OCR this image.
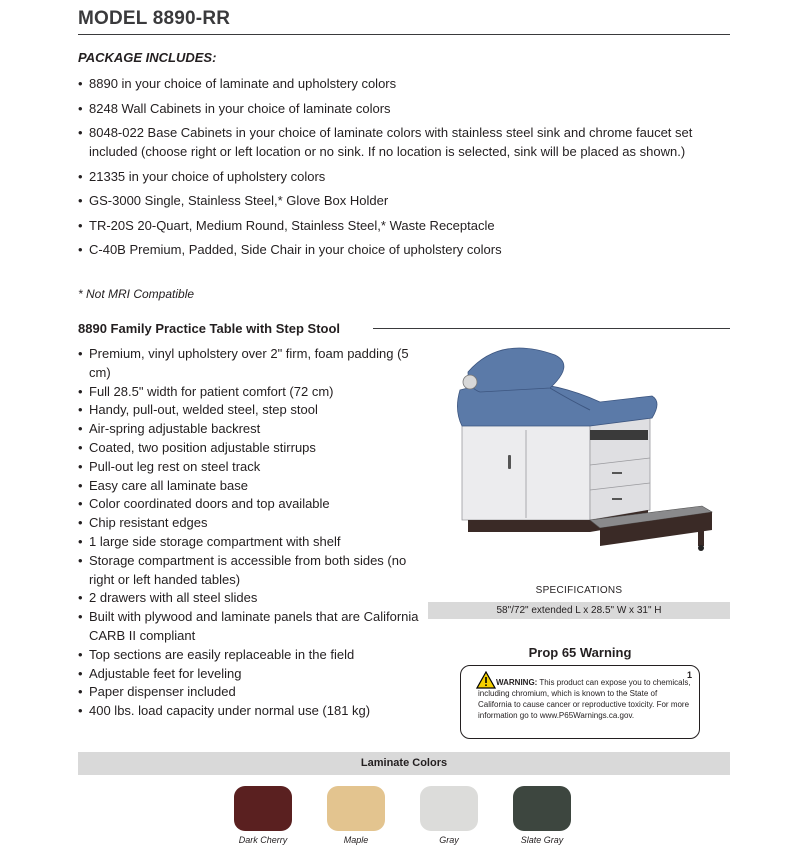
MODEL 8890-RR
PACKAGE INCLUDES:
• 8890 in your choice of laminate and upholstery colors
• 8248 Wall Cabinets in your choice of laminate colors
• 8048-022 Base Cabinets in your choice of laminate colors with stainless steel sink and chrome faucet set included (choose right or left location or no sink. If no location is selected, sink will be placed as shown.)
• 21335 in your choice of upholstery colors
• GS-3000 Single, Stainless Steel,* Glove Box Holder
• TR-20S 20-Quart, Medium Round, Stainless Steel,* Waste Receptacle
• C-40B Premium, Padded, Side Chair in your choice of upholstery colors
* Not MRI Compatible
8890 Family Practice Table with Step Stool
• Premium, vinyl upholstery over 2" firm, foam padding (5 cm)
• Full 28.5" width for patient comfort (72 cm)
• Handy, pull-out, welded steel, step stool
• Air-spring adjustable backrest
• Coated, two position adjustable stirrups
• Pull-out leg rest on steel track
• Easy care all laminate base
• Color coordinated doors and top available
• Chip resistant edges
• 1 large side storage compartment with shelf
• Storage compartment is accessible from both sides (no right or left handed tables)
• 2 drawers with all steel slides
• Built with plywood and laminate panels that are California CARB II compliant
• Top sections are easily replaceable in the field
• Adjustable feet for leveling
• Paper dispenser included
• 400 lbs. load capacity under normal use (181 kg)
SPECIFICATIONS
58"/72" extended L x 28.5" W x 31" H
Prop 65 Warning
1
WARNING: This product can expose you to chemicals, including chromium, which is known to the State of California to cause cancer or reproductive toxicity. For more information go to www.P65Warnings.ca.gov.
Laminate Colors
Dark Cherry	Maple	Gray	Slate Gray
